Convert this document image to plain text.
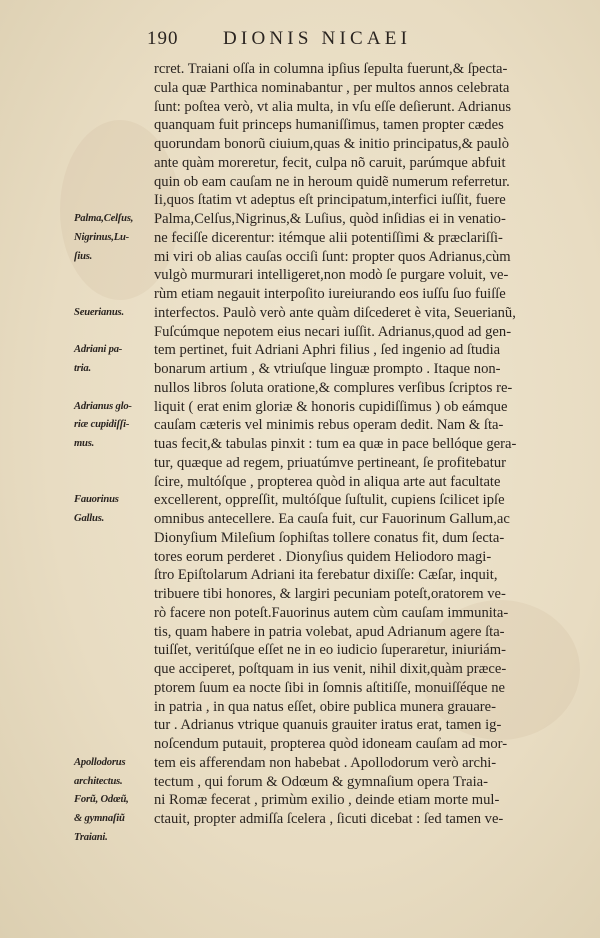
190 DIONIS NICAEI
rcret. Traiani oſſa in columna ipſius ſepulta fuerunt,& ſpecta-
cula quæ Parthica nominabantur , per multos annos celebrata
ſunt: poſtea verò, vt alia multa, in vſu eſſe deſierunt. Adrianus
quanquam fuit princeps humaniſſimus, tamen propter cædes
quorundam bonorũ ciuium,quas & initio principatus,& paulò
ante quàm moreretur, fecit, culpa nõ caruit, parúmque abfuit
quin ob eam cauſam ne in heroum quidẽ numerum referretur.
Ii,quos ſtatim vt adeptus eſt principatum,interfici iuſſit, fuere
Palma,Celſus,Nigrinus,& Luſius, quòd inſidias ei in venatio-
ne feciſſe dicerentur: itémque alii potentiſſimi & præclariſſi-
mi viri ob alias cauſas occiſi ſunt: propter quos Adrianus,cùm
vulgò murmurari intelligeret,non modò ſe purgare voluit, ve-
rùm etiam negauit interpoſito iureiurando eos iuſſu ſuo fuiſſe
interfectos. Paulò verò ante quàm diſcederet è vita, Seuerianũ,
Fuſcúmque nepotem eius necari iuſſit. Adrianus,quod ad gen-
tem pertinet, fuit Adriani Aphri filius , ſed ingenio ad ſtudia
bonarum artium , & vtriuſque linguæ prompto . Itaque non-
nullos libros ſoluta oratione,& complures verſibus ſcriptos re-
liquit ( erat enim gloriæ & honoris cupidiſſimus ) ob eámque
cauſam cæteris vel minimis rebus operam dedit. Nam & ſta-
tuas fecit,& tabulas pinxit : tum ea quæ in pace bellóque gera-
tur, quæque ad regem, priuatúmve pertineant, ſe profitebatur
ſcire, multóſque , propterea quòd in aliqua arte aut facultate
excellerent, oppreſſit, multóſque ſuſtulit, cupiens ſcilicet ipſe
omnibus antecellere. Ea cauſa fuit, cur Fauorinum Gallum,ac
Dionyſium Mileſium ſophiſtas tollere conatus fit, dum ſecta-
tores eorum perderet . Dionyſius quidem Heliodoro magi-
ſtro Epiſtolarum Adriani ita ferebatur dixiſſe: Cæſar, inquit,
tribuere tibi honores, & largiri pecuniam poteſt,oratorem ve-
rò facere non poteſt.Fauorinus autem cùm cauſam immunita-
tis, quam habere in patria volebat, apud Adrianum agere ſta-
tuiſſet, veritúſque eſſet ne in eo iudicio ſuperaretur, iniuriám-
que acciperet, poſtquam in ius venit, nihil dixit,quàm præce-
ptorem ſuum ea nocte ſibi in ſomnis aſtitiſſe, monuiſſéque ne
in patria , in qua natus eſſet, obire publica munera grauare-
tur . Adrianus vtrique quanuis grauiter iratus erat, tamen ig-
noſcendum putauit, propterea quòd idoneam cauſam ad mor-
tem eis afferendam non habebat . Apollodorum verò archi-
tectum , qui forum & Odœum & gymnaſium opera Traia-
ni Romæ fecerat , primùm exilio , deinde etiam morte mul-
ctauit, propter admiſſa ſcelera , ſicuti dicebat : ſed tamen ve-
Palma,Celſus,
Nigrinus,Lu-
ſius.
Seuerianus.
Adriani pa-
tria.
Adrianus glo-
riæ cupidiſſi-
mus.
Fauorinus
Gallus.
Apollodorus
architectus.
Forũ, Odœũ,
& gymnaſiũ
Traiani.
